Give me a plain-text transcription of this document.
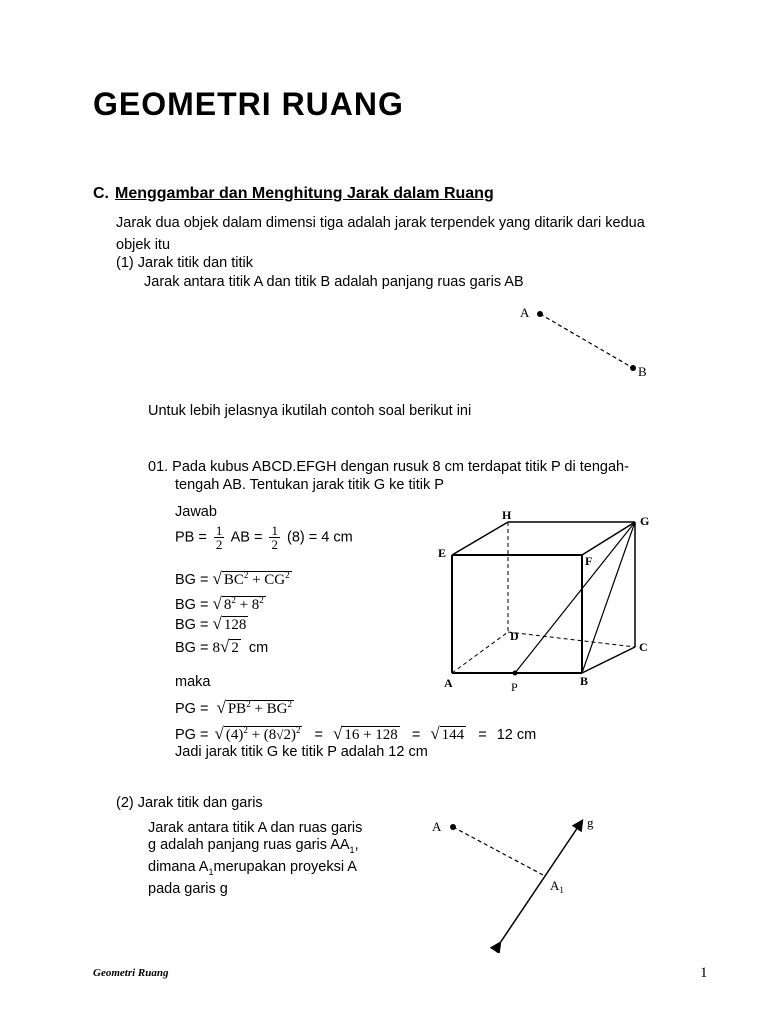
GEOMETRI RUANG
C. Menggambar dan Menghitung Jarak dalam Ruang
Jarak dua objek dalam dimensi tiga adalah jarak terpendek yang ditarik dari kedua
objek itu
(1) Jarak titik dan titik
Jarak antara titik A dan titik B adalah panjang ruas garis AB
A
B
Untuk lebih jelasnya ikutilah contoh soal berikut ini
01. Pada kubus ABCD.EFGH dengan rusuk 8 cm terdapat titik P di tengah-
tengah AB. Tentukan jarak titik G ke titik P
Jawab
PB = $\frac{1}{2}$ AB = $\frac{1}{2} (8) = 4$ cm
BG = √ $BC^2 + CG^2$
BG = √ $8^2 + 8^2$
BG = √ 128
BG = 8√ 2 cm
maka
PG = √ $PB^2 + BG^2$
PG = √ $(4)^2 + (8√2)^2$ = √ 16 + 128 = √ 144 = 12 cm
Jadi jarak titik G ke titik P adalah 12 cm
H	G
E
F
D
C
A	B
P
(2) Jarak titik dan garis
Jarak antara titik A dan ruas garis
g adalah panjang ruas garis $AA_1$,
dimana $A_1merupakan$ proyeksi A
pada garis g
A	g
$A_1$
Geometri Ruang	1
